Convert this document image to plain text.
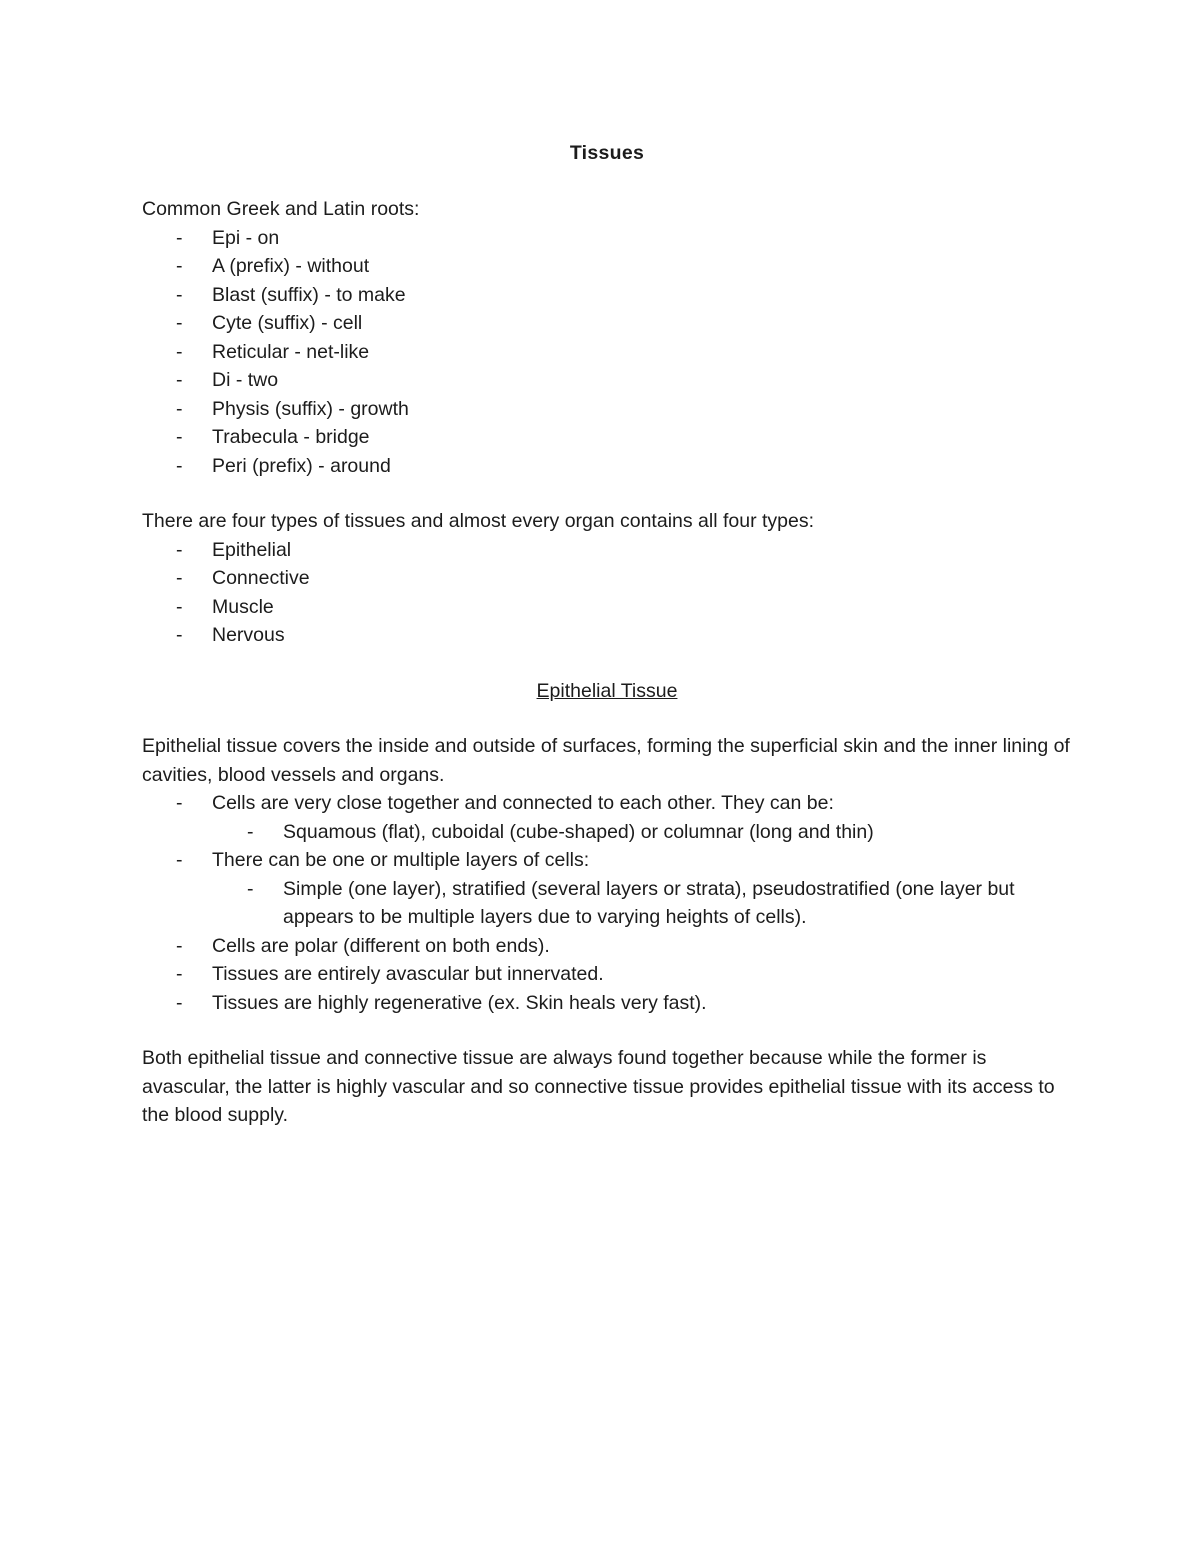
Tissues

Common Greek and Latin roots:

- Epi - on
- A (prefix) - without
- Blast (suffix) - to make
- Cyte (suffix) - cell
- Reticular - net-like
- Di - two
- Physis (suffix) - growth
- Trabecula - bridge
- Peri (prefix) - around

There are four types of tissues and almost every organ contains all four types:

- Epithelial
- Connective
- Muscle
- Nervous

Epithelial Tissue

Epithelial tissue covers the inside and outside of surfaces, forming the superficial skin and the inner lining of cavities, blood vessels and organs.

- Cells are very close together and connected to each other. They can be:
- Squamous (flat), cuboidal (cube-shaped) or columnar (long and thin)
- There can be one or multiple layers of cells:
- Simple (one layer), stratified (several layers or strata), pseudostratified (one layer but appears to be multiple layers due to varying heights of cells).
- Cells are polar (different on both ends).
- Tissues are entirely avascular but innervated.
- Tissues are highly regenerative (ex. Skin heals very fast).

Both epithelial tissue and connective tissue are always found together because while the former is avascular, the latter is highly vascular and so connective tissue provides epithelial tissue with its access to the blood supply.
